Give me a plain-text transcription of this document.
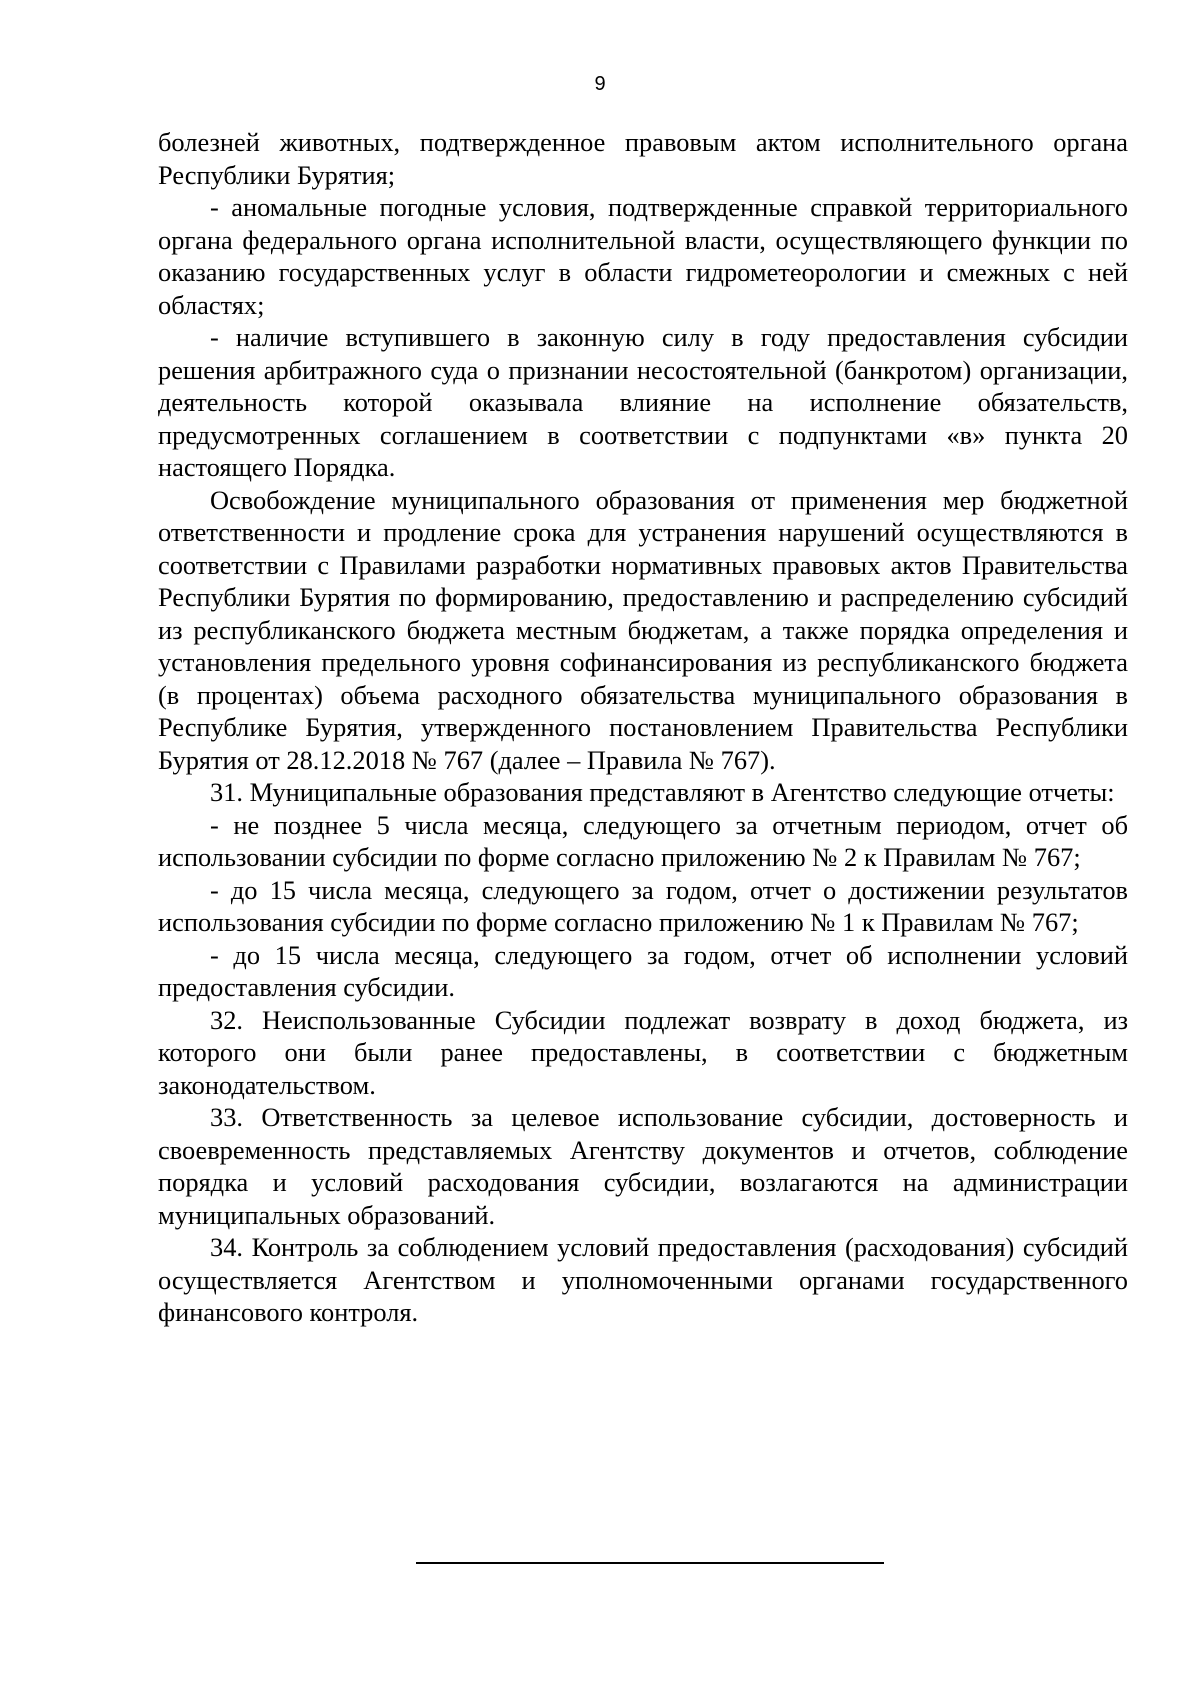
9

болезней животных, подтвержденное правовым актом исполнительного органа Республики Бурятия;

- аномальные погодные условия, подтвержденные справкой территориального органа федерального органа исполнительной власти, осуществляющего функции по оказанию государственных услуг в области гидрометеорологии и смежных с ней областях;

- наличие вступившего в законную силу в году предоставления субсидии решения арбитражного суда о признании несостоятельной (банкротом) организации, деятельность которой оказывала влияние на исполнение обязательств, предусмотренных соглашением в соответствии с подпунктами «в» пункта 20 настоящего Порядка.

Освобождение муниципального образования от применения мер бюджетной ответственности и продление срока для устранения нарушений осуществляются в соответствии с Правилами разработки нормативных правовых актов Правительства Республики Бурятия по формированию, предоставлению и распределению субсидий из республиканского бюджета местным бюджетам, а также порядка определения и установления предельного уровня софинансирования из республиканского бюджета (в процентах) объема расходного обязательства муниципального образования в Республике Бурятия, утвержденного постановлением Правительства Республики Бурятия от 28.12.2018 № 767 (далее – Правила № 767).

31. Муниципальные образования представляют в Агентство следующие отчеты:

- не позднее 5 числа месяца, следующего за отчетным периодом, отчет об использовании субсидии по форме согласно приложению № 2 к Правилам № 767;

- до 15 числа месяца, следующего за годом, отчет о достижении результатов использования субсидии по форме согласно приложению № 1 к Правилам № 767;

- до 15 числа месяца, следующего за годом, отчет об исполнении условий предоставления субсидии.

32. Неиспользованные Субсидии подлежат возврату в доход бюджета, из которого они были ранее предоставлены, в соответствии с бюджетным законодательством.

33. Ответственность за целевое использование субсидии, достоверность и своевременность представляемых Агентству документов и отчетов, соблюдение порядка и условий расходования субсидии, возлагаются на администрации муниципальных образований.

34. Контроль за соблюдением условий предоставления (расходования) субсидий осуществляется Агентством и уполномоченными органами государственного финансового контроля.
